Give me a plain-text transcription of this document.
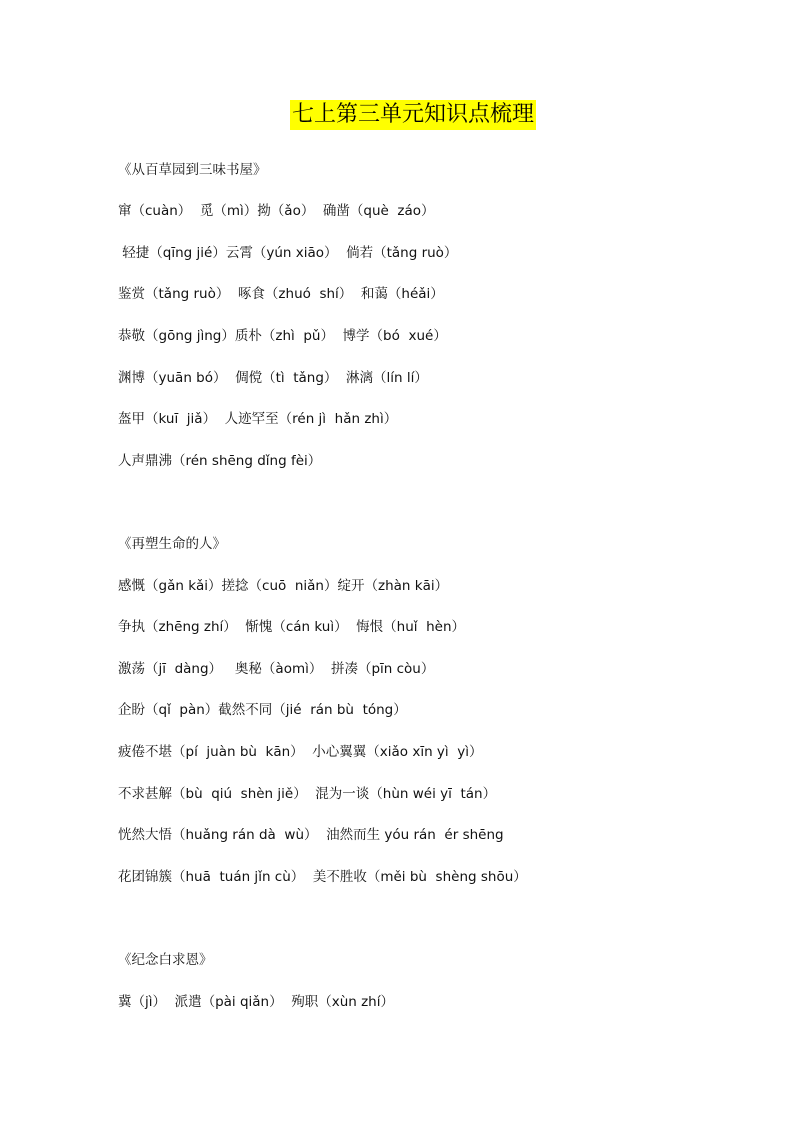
七上第三单元知识点梳理
《从百草园到三味书屋》
窜（cuàn）  觅（mì）拗（ǎo）  确凿（què  záo）
轻捷（qīng jié）云霄（yún xiāo）  倘若（tǎng ruò）
鉴赏（tǎng ruò）  啄食（zhuó  shí）  和蔼（héǎi）
恭敬（gōng jìng）质朴（zhì  pǔ）  博学（bó  xué）
渊博（yuān bó）  倜傥（tì  tǎng）  淋漓（lín lí）
盔甲（kuī  jiǎ）  人迹罕至（rén jì  hǎn zhì）
人声鼎沸（rén shēng dǐng fèi）
《再塑生命的人》
感慨（gǎn kǎi）搓捻（cuō  niǎn）绽开（zhàn kāi）
争执（zhēng zhí）  惭愧（cán kuì）  悔恨（huǐ  hèn）
激荡（jī  dàng）   奥秘（àomì）  拼凑（pīn còu）
企盼（qǐ  pàn）截然不同（jié  rán bù  tóng）
疲倦不堪（pí  juàn bù  kān）  小心翼翼（xiǎo xīn yì  yì）
不求甚解（bù  qiú  shèn jiě）  混为一谈（hùn wéi yī  tán）
恍然大悟（huǎng rán dà  wù）  油然而生 yóu rán  ér shēng
花团锦簇（huā  tuán jǐn cù）  美不胜收（měi bù  shèng shōu）
《纪念白求恩》
冀（jì）  派遣（pài qiǎn）  殉职（xùn zhí）
